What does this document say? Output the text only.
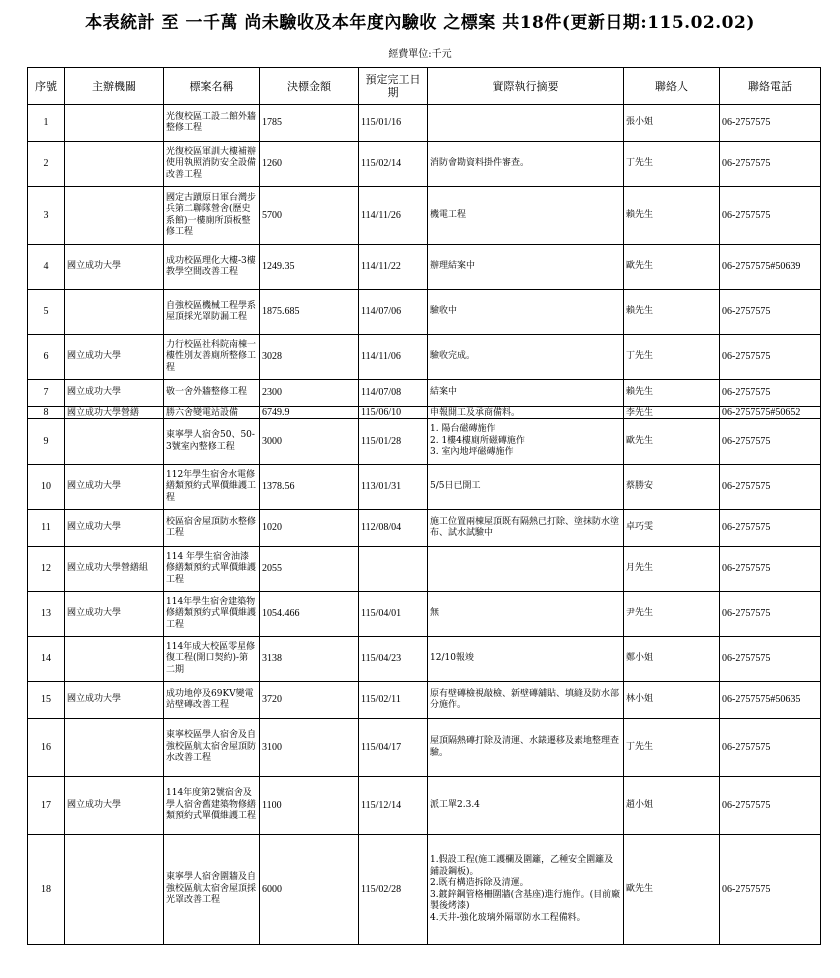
本表統計 至 一千萬 尚未驗收及本年度內驗收 之標案 共18件(更新日期:115.02.02)
經費單位:千元
序號	主辦機關	標案名稱	決標金額	預定完工日期	實際執行摘要	聯絡人	聯絡電話
1		光復校區工設二館外牆整修工程	1785	115/01/16		張小姐	06-2757575
2		光復校區軍訓大樓補辦使用執照消防安全設備改善工程	1260	115/02/14	消防會勘資料掛件審查。	丁先生	06-2757575
3		國定古蹟原日軍台灣步兵第二聯隊營舍(歷史系館)一樓廁所頂板整修工程	5700	114/11/26	機電工程	賴先生	06-2757575
4	國立成功大學	成功校區理化大樓-3樓教學空間改善工程	1249.35	114/11/22	辦理結案中	歐先生	06-2757575#50639
5		自強校區機械工程學系屋頂採光罩防漏工程	1875.685	114/07/06	驗收中	賴先生	06-2757575
6	國立成功大學	力行校區社科院南棟一樓性別友善廁所整修工程	3028	114/11/06	驗收完成。	丁先生	06-2757575
7	國立成功大學	敬一舍外牆整修工程	2300	114/07/08	結案中	賴先生	06-2757575
8	國立成功大學營繕	勝六舍變電站設備	6749.9	115/06/10	申報開工及承商備料。	李先生	06-2757575#50652
9		東寧學人宿舍50、50-3號室內整修工程	3000	115/01/28	1. 陽台磁磚施作
2. 1樓4樓廁所磁磚施作
3. 室內地坪磁磚施作	歐先生	06-2757575
10	國立成功大學	112年學生宿舍水電修繕類預約式單價維護工程	1378.56	113/01/31	5/5日已開工	蔡勝安	06-2757575
11	國立成功大學	校區宿舍屋頂防水整修工程	1020	112/08/04	施工位置兩棟屋頂既有隔熱已打除、塗抹防水塗布、試水試驗中	卓巧雯	06-2757575
12	國立成功大學營繕組	114 年學生宿舍油漆修繕類預約式單價維護工程	2055			月先生	06-2757575
13	國立成功大學	114年學生宿舍建築物修繕類預約式單價維護工程	1054.466	115/04/01	無	尹先生	06-2757575
14		114年成大校區零星修復工程(開口契約)-第二期	3138	115/04/23	12/10報竣	鄭小姐	06-2757575
15	國立成功大學	成功地停及69KV變電站壁磚改善工程	3720	115/02/11	原有壁磚檢視敲檢、新壁磚舖貼、填縫及防水部分施作。	林小姐	06-2757575#50635
16		東寧校區學人宿舍及自強校區航太宿舍屋頂防水改善工程	3100	115/04/17	屋頂隔熱磚打除及清運、水錶遷移及素地整理查驗。	丁先生	06-2757575
17	國立成功大學	114年度第2號宿舍及學人宿舍舊建築物修繕類預約式單價維護工程	1100	115/12/14	派工單2.3.4	趙小姐	06-2757575
18		東寧學人宿舍圍牆及自強校區航太宿舍屋頂採光罩改善工程	6000	115/02/28	1.假設工程(施工護欄及圍籬，乙種安全圍籬及鋪設鋼板)。
2.既有構造拆除及清運。
3.鍍鋅鋼管格柵圍牆(含基座)進行施作。(目前廠製後烤漆)
4.天井-強化玻璃外隔罩防水工程備料。	歐先生	06-2757575
